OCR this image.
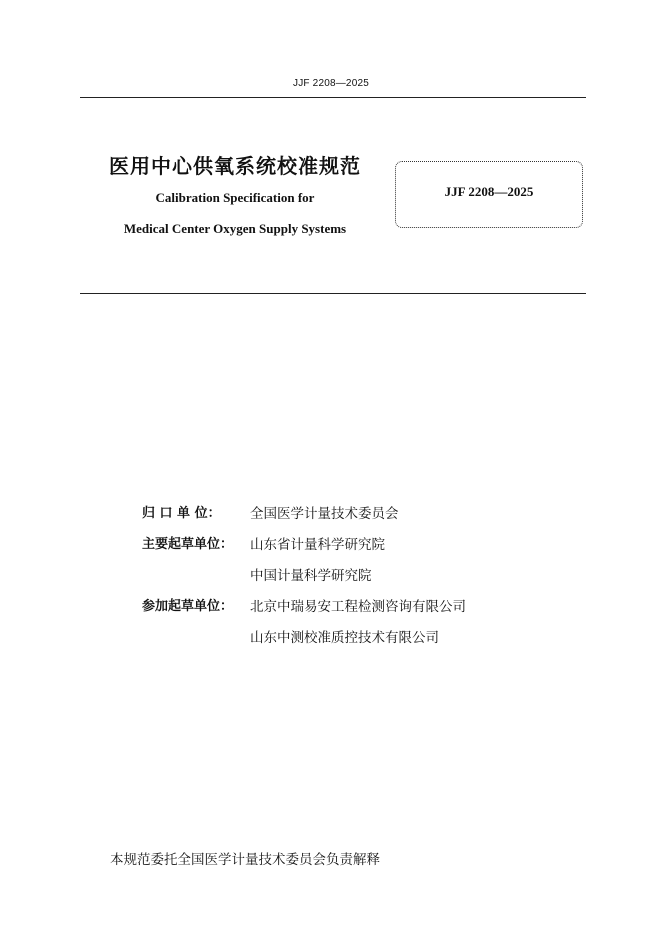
JJF 2208—2025
医用中心供氧系统校准规范
Calibration Specification for
Medical Center Oxygen Supply Systems
JJF 2208—2025
归 口 单 位：	全国医学计量技术委员会
主要起草单位：	山东省计量科学研究院
中国计量科学研究院
参加起草单位：	北京中瑞易安工程检测咨询有限公司
山东中测校准质控技术有限公司
本规范委托全国医学计量技术委员会负责解释
